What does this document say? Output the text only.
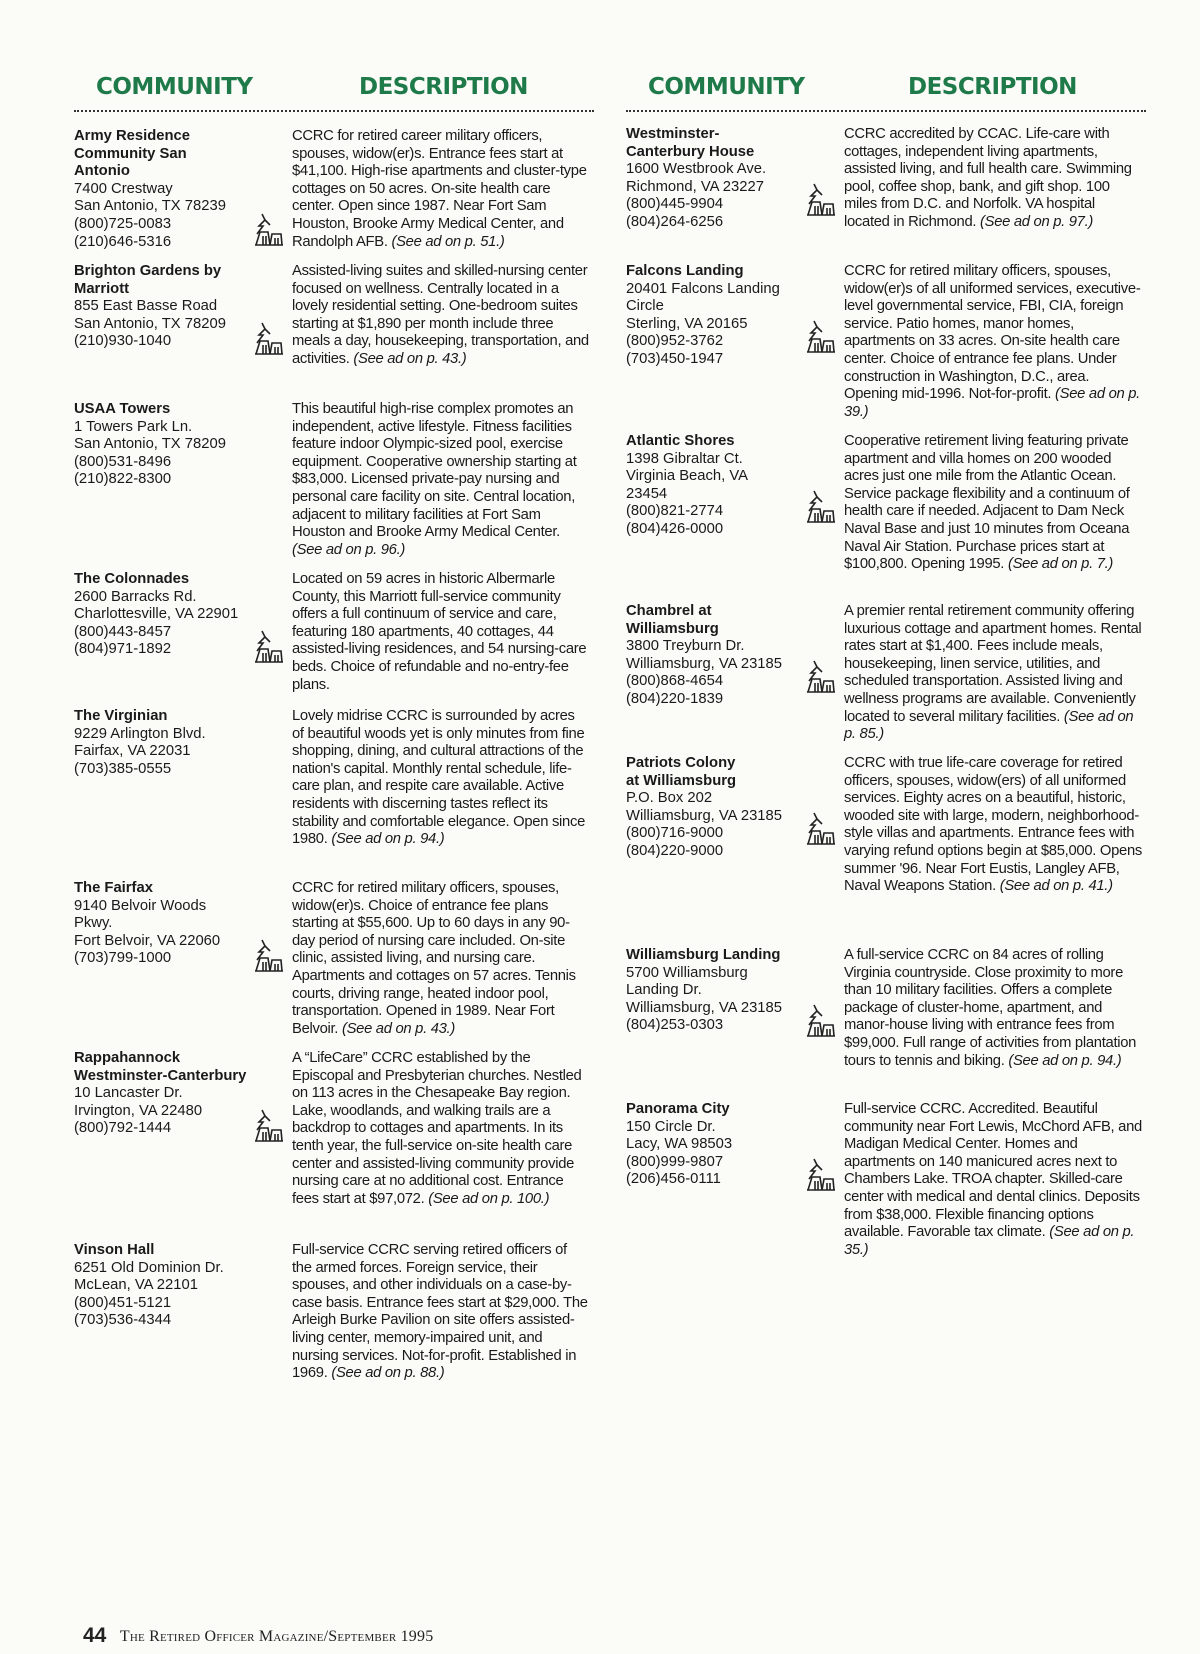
COMMUNITY	DESCRIPTION
Army Residence
Community San
Antonio
7400 Crestway
San Antonio, TX 78239
(800)725-0083
(210)646-5316
CCRC for retired career military officers, spouses, widow(er)s. Entrance fees start at $41,100. High-rise apartments and cluster-type cottages on 50 acres. On-site health care center. Open since 1987. Near Fort Sam Houston, Brooke Army Medical Center, and Randolph AFB. (See ad on p. 51.)
Brighton Gardens by
Marriott
855 East Basse Road
San Antonio, TX 78209
(210)930-1040
Assisted-living suites and skilled-nursing center focused on wellness. Centrally located in a lovely residential setting. One-bedroom suites starting at $1,890 per month include three meals a day, housekeeping, transportation, and activities. (See ad on p. 43.)
USAA Towers
1 Towers Park Ln.
San Antonio, TX 78209
(800)531-8496
(210)822-8300
This beautiful high-rise complex promotes an independent, active lifestyle. Fitness facilities feature indoor Olympic-sized pool, exercise equipment. Cooperative ownership starting at $83,000. Licensed private-pay nursing and personal care facility on site. Central location, adjacent to military facilities at Fort Sam Houston and Brooke Army Medical Center. (See ad on p. 96.)
The Colonnades
2600 Barracks Rd.
Charlottesville, VA 22901
(800)443-8457
(804)971-1892
Located on 59 acres in historic Albermarle County, this Marriott full-service community offers a full continuum of service and care, featuring 180 apartments, 40 cottages, 44 assisted-living residences, and 54 nursing-care beds. Choice of refundable and no-entry-fee plans.
The Virginian
9229 Arlington Blvd.
Fairfax, VA 22031
(703)385-0555
Lovely midrise CCRC is surrounded by acres of beautiful woods yet is only minutes from fine shopping, dining, and cultural attractions of the nation's capital. Monthly rental schedule, life-care plan, and respite care available. Active residents with discerning tastes reflect its stability and comfortable elegance. Open since 1980. (See ad on p. 94.)
The Fairfax
9140 Belvoir Woods
Pkwy.
Fort Belvoir, VA 22060
(703)799-1000
CCRC for retired military officers, spouses, widow(er)s. Choice of entrance fee plans starting at $55,600. Up to 60 days in any 90-day period of nursing care included. On-site clinic, assisted living, and nursing care. Apartments and cottages on 57 acres. Tennis courts, driving range, heated indoor pool, transportation. Opened in 1989. Near Fort Belvoir. (See ad on p. 43.)
Rappahannock
Westminster-Canterbury
10 Lancaster Dr.
Irvington, VA 22480
(800)792-1444
A “LifeCare” CCRC established by the Episcopal and Presbyterian churches. Nestled on 113 acres in the Chesapeake Bay region. Lake, woodlands, and walking trails are a backdrop to cottages and apartments. In its tenth year, the full-service on-site health care center and assisted-living community provide nursing care at no additional cost. Entrance fees start at $97,072. (See ad on p. 100.)
Vinson Hall
6251 Old Dominion Dr.
McLean, VA 22101
(800)451-5121
(703)536-4344
Full-service CCRC serving retired officers of the armed forces. Foreign service, their spouses, and other individuals on a case-by-case basis. Entrance fees start at $29,000. The Arleigh Burke Pavilion on site offers assisted-living center, memory-impaired unit, and nursing services. Not-for-profit. Established in 1969. (See ad on p. 88.)
COMMUNITY	DESCRIPTION
Westminster-
Canterbury House
1600 Westbrook Ave.
Richmond, VA 23227
(800)445-9904
(804)264-6256
CCRC accredited by CCAC. Life-care with cottages, independent living apartments, assisted living, and full health care. Swimming pool, coffee shop, bank, and gift shop. 100 miles from D.C. and Norfolk. VA hospital located in Richmond. (See ad on p. 97.)
Falcons Landing
20401 Falcons Landing
Circle
Sterling, VA 20165
(800)952-3762
(703)450-1947
CCRC for retired military officers, spouses, widow(er)s of all uniformed services, executive-level governmental service, FBI, CIA, foreign service. Patio homes, manor homes, apartments on 33 acres. On-site health care center. Choice of entrance fee plans. Under construction in Washington, D.C., area. Opening mid-1996. Not-for-profit. (See ad on p. 39.)
Atlantic Shores
1398 Gibraltar Ct.
Virginia Beach, VA
23454
(800)821-2774
(804)426-0000
Cooperative retirement living featuring private apartment and villa homes on 200 wooded acres just one mile from the Atlantic Ocean. Service package flexibility and a continuum of health care if needed. Adjacent to Dam Neck Naval Base and just 10 minutes from Oceana Naval Air Station. Purchase prices start at $100,800. Opening 1995. (See ad on p. 7.)
Chambrel at
Williamsburg
3800 Treyburn Dr.
Williamsburg, VA 23185
(800)868-4654
(804)220-1839
A premier rental retirement community offering luxurious cottage and apartment homes. Rental rates start at $1,400. Fees include meals, housekeeping, linen service, utilities, and scheduled transportation. Assisted living and wellness programs are available. Conveniently located to several military facilities. (See ad on p. 85.)
Patriots Colony
at Williamsburg
P.O. Box 202
Williamsburg, VA 23185
(800)716-9000
(804)220-9000
CCRC with true life-care coverage for retired officers, spouses, widow(ers) of all uniformed services. Eighty acres on a beautiful, historic, wooded site with large, modern, neighborhood-style villas and apartments. Entrance fees with varying refund options begin at $85,000. Opens summer '96. Near Fort Eustis, Langley AFB, Naval Weapons Station. (See ad on p. 41.)
Williamsburg Landing
5700 Williamsburg
Landing Dr.
Williamsburg, VA 23185
(804)253-0303
A full-service CCRC on 84 acres of rolling Virginia countryside. Close proximity to more than 10 military facilities. Offers a complete package of cluster-home, apartment, and manor-house living with entrance fees from $99,000. Full range of activities from plantation tours to tennis and biking. (See ad on p. 94.)
Panorama City
150 Circle Dr.
Lacy, WA 98503
(800)999-9807
(206)456-0111
Full-service CCRC. Accredited. Beautiful community near Fort Lewis, McChord AFB, and Madigan Medical Center. Homes and apartments on 140 manicured acres next to Chambers Lake. TROA chapter. Skilled-care center with medical and dental clinics. Deposits from $38,000. Flexible financing options available. Favorable tax climate. (See ad on p. 35.)
44 The Retired Officer Magazine/September 1995
